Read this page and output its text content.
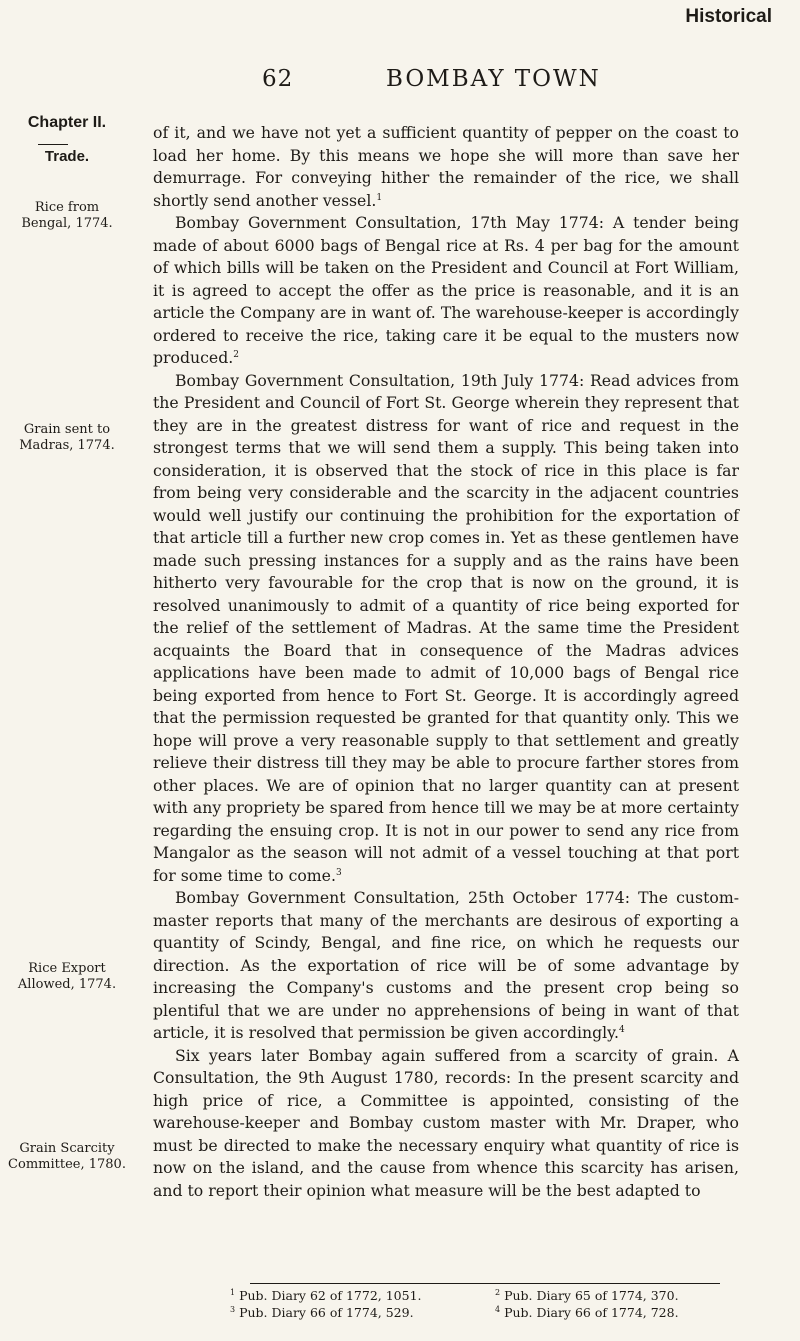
Historical
62	BOMBAY TOWN
Chapter II.
Trade.
Rice from Bengal, 1774.
Grain sent to Madras, 1774.
Rice Export Allowed, 1774.
Grain Scarcity Committee, 1780.

of it, and we have not yet a sufficient quantity of pepper on the coast to load her home. By this means we hope she will more than save her demurrage. For conveying hither the remainder of the rice, we shall shortly send another vessel.$^1$

Bombay Government Consultation, 17th May 1774: A tender being made of about 6000 bags of Bengal rice at Rs. 4 per bag for the amount of which bills will be taken on the President and Council at Fort William, it is agreed to accept the offer as the price is reasonable, and it is an article the Company are in want of. The warehouse-keeper is accordingly ordered to receive the rice, taking care it be equal to the musters now produced.$^2$

Bombay Government Consultation, 19th July 1774: Read advices from the President and Council of Fort St. George wherein they represent that they are in the greatest distress for want of rice and request in the strongest terms that we will send them a supply. This being taken into consideration, it is observed that the stock of rice in this place is far from being very considerable and the scarcity in the adjacent countries would well justify our continuing the prohibition for the exportation of that article till a further new crop comes in. Yet as these gentlemen have made such pressing instances for a supply and as the rains have been hitherto very favourable for the crop that is now on the ground, it is resolved unanimously to admit of a quantity of rice being exported for the relief of the settlement of Madras. At the same time the President acquaints the Board that in consequence of the Madras advices applications have been made to admit of 10,000 bags of Bengal rice being exported from hence to Fort St. George. It is accordingly agreed that the permission requested be granted for that quantity only. This we hope will prove a very reasonable supply to that settlement and greatly relieve their distress till they may be able to procure farther stores from other places. We are of opinion that no larger quantity can at present with any propriety be spared from hence till we may be at more certainty regarding the ensuing crop. It is not in our power to send any rice from Mangalor as the season will not admit of a vessel touching at that port for some time to come.$^3$

Bombay Government Consultation, 25th October 1774: The custom-master reports that many of the merchants are desirous of exporting a quantity of Scindy, Bengal, and fine rice, on which he requests our direction. As the exportation of rice will be of some advantage by increasing the Company's customs and the present crop being so plentiful that we are under no apprehensions of being in want of that article, it is resolved that permission be given accordingly.$^4$

Six years later Bombay again suffered from a scarcity of grain. A Consultation, the 9th August 1780, records: In the present scarcity and high price of rice, a Committee is appointed, consisting of the warehouse-keeper and Bombay custom master with Mr. Draper, who must be directed to make the necessary enquiry what quantity of rice is now on the island, and the cause from whence this scarcity has arisen, and to report their opinion what measure will be the best adapted to

$^1$ Pub. Diary 62 of 1772, 1051.	$^2$ Pub. Diary 65 of 1774, 370.
$^3$ Pub. Diary 66 of 1774, 529.	$^4$ Pub. Diary 66 of 1774, 728.
